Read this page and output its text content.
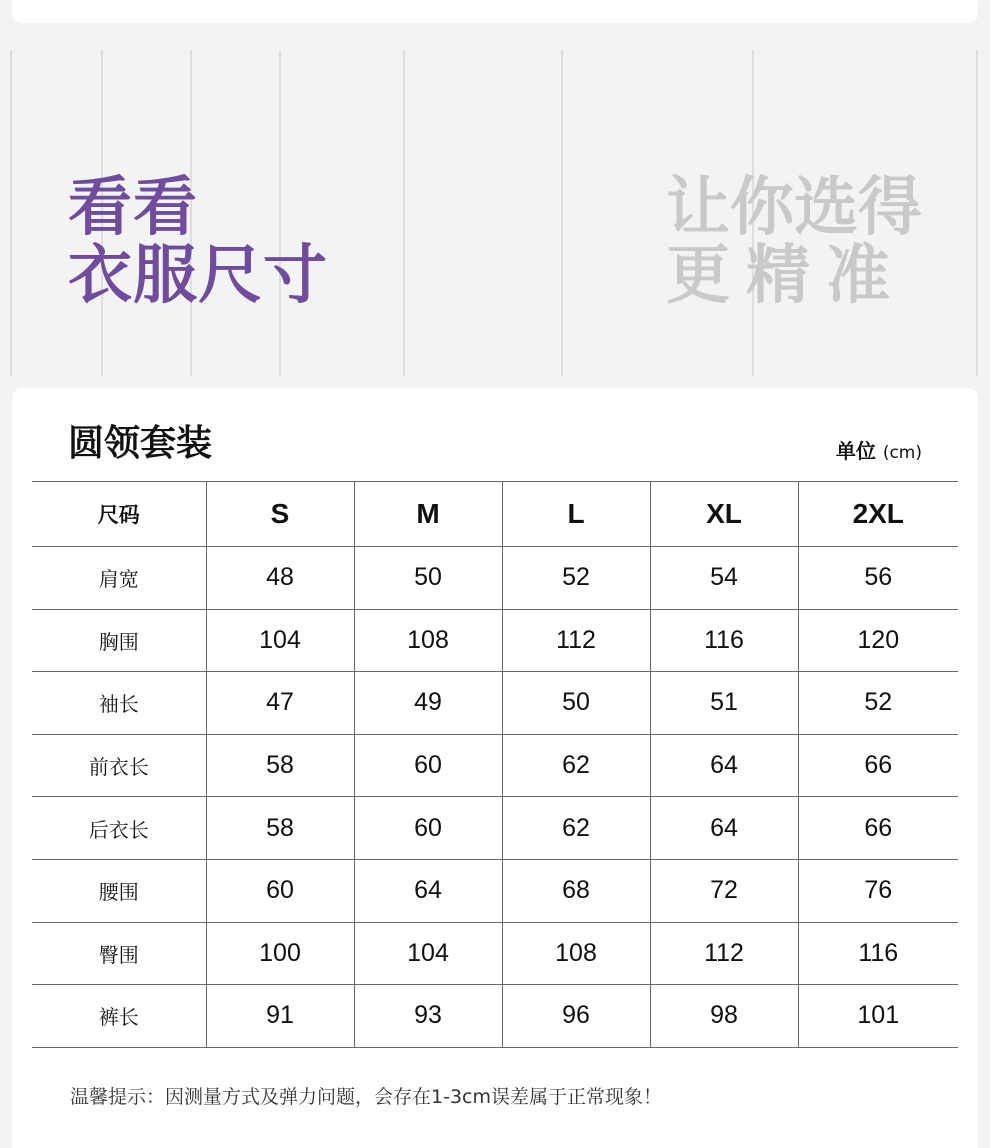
看看
衣服尺寸
让你选得
更精准
圆领套装	单位 (cm)
尺码	S	M	L	XL	2XL
肩宽	48	50	52	54	56
胸围	104	108	112	116	120
袖长	47	49	50	51	52
前衣长	58	60	62	64	66
后衣长	58	60	62	64	66
腰围	60	64	68	72	76
臀围	100	104	108	112	116
裤长	91	93	96	98	101
温馨提示：因测量方式及弹力问题，会存在1-3cm误差属于正常现象！
